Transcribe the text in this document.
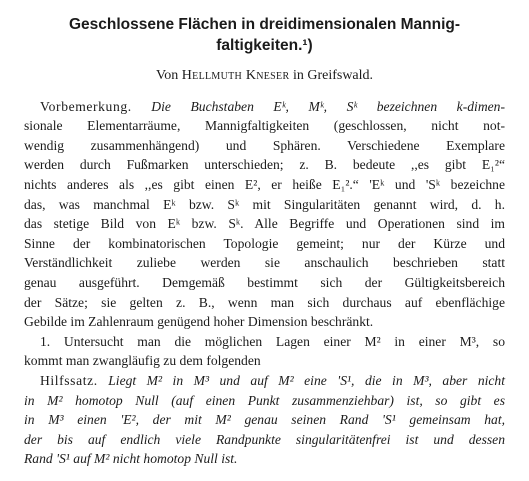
Geschlossene Flächen in dreidimensionalen Mannig-
faltigkeiten.¹)
Von Hellmuth Kneser in Greifswald.
Vorbemerkung. Die Buchstaben Eᵏ, Mᵏ, Sᵏ bezeichnen k-dimen-
sionale Elementarräume, Mannigfaltigkeiten (geschlossen, nicht not-
wendig zusammenhängend) und Sphären. Verschiedene Exemplare
werden durch Fußmarken unterschieden; z. B. bedeute ,,es gibt E₁²“
nichts anderes als ,,es gibt einen E², er heiße E₁².“ 'Eᵏ und 'Sᵏ bezeichne
das, was manchmal Eᵏ bzw. Sᵏ mit Singularitäten genannt wird, d. h.
das stetige Bild von Eᵏ bzw. Sᵏ. Alle Begriffe und Operationen sind im
Sinne der kombinatorischen Topologie gemeint; nur der Kürze und
Verständlichkeit zuliebe werden sie anschaulich beschrieben statt
genau ausgeführt. Demgemäß bestimmt sich der Gültigkeitsbereich
der Sätze; sie gelten z. B., wenn man sich durchaus auf ebenflächige
Gebilde im Zahlenraum genügend hoher Dimension beschränkt.
1. Untersucht man die möglichen Lagen einer M² in einer M³, so
kommt man zwangläufig zu dem folgenden
Hilfssatz. Liegt M² in M³ und auf M² eine 'S¹, die in M³, aber nicht
in M² homotop Null (auf einen Punkt zusammenziehbar) ist, so gibt es
in M³ einen 'E², der mit M² genau seinen Rand 'S¹ gemeinsam hat,
der bis auf endlich viele Randpunkte singularitätenfrei ist und dessen
Rand 'S¹ auf M² nicht homotop Null ist.
